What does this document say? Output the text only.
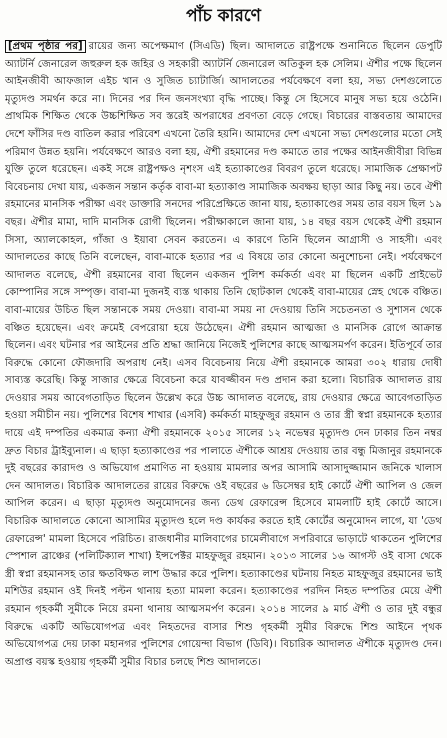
পাঁচ কারণে

[প্রথম পৃষ্ঠার পর] রায়ের জন্য অপেক্ষমাণ (সিএডি) ছিল। আদালতে রাষ্ট্রপক্ষে শুনানিতে ছিলেন ডেপুটি অ্যাটর্নি জেনারেল জহুরুল হক জহির ও সহকারী অ্যাটর্নি জেনারেল অতিকুল হক সেলিম। ঐশীর পক্ষে ছিলেন আইনজীবী আফজাল এইচ খান ও সুজিত চ্যাটার্জি। আদালতের পর্যবেক্ষণে বলা হয়, সভ্য দেশগুলোতে মৃত্যুদণ্ড সমর্থন করে না। দিনের পর দিন জনসংখ্যা বৃদ্ধি পাচ্ছে। কিন্তু সে হিসেবে মানুষ সভ্য হয়ে ওঠেনি। প্রাথমিক শিক্ষিত থেকে উচ্চশিক্ষিত সব স্তরেই অপরাধের প্রবণতা বেড়ে গেছে। বিচারের বাস্তবতায় আমাদের দেশে ফাঁসির দণ্ড বাতিল করার পরিবেশ এখনো তৈরি হয়নি। আমাদের দেশ এখনো সভ্য দেশগুলোর মতো সেই পরিমাণ উন্নত হয়নি। পর্যবেক্ষণে আরও বলা হয়, ঐশী রহমানের দণ্ড কমাতে তার পক্ষের আইনজীবীরা বিভিন্ন যুক্তি তুলে ধরেছেন। একই সঙ্গে রাষ্ট্রপক্ষও নৃশংস এই হত্যাকাণ্ডের বিবরণ তুলে ধরেছে। সামাজিক প্রেক্ষাপট বিবেচনায় দেখা যায়, একজন সন্তান কর্তৃক বাবা-মা হত্যাকাণ্ড সামাজিক অবক্ষয় ছাড়া আর কিছু নয়। তবে ঐশী রহমানের মানসিক পরীক্ষা এবং ডাক্তারি সনদের পরিপ্রেক্ষিতে জানা যায়, হত্যাকাণ্ডের সময় তার বয়স ছিল ১৯ বছর। ঐশীর মামা, দাদি মানসিক রোগী ছিলেন। পরীক্ষাকালে জানা যায়, ১৪ বছর বয়স থেকেই ঐশী রহমান সিসা, অ্যালকোহল, গাঁজা ও ইয়াবা সেবন করতেন। এ কারণে তিনি ছিলেন আগ্রাসী ও সাহসী। এবং আদালতের কাছে তিনি বলেছেন, বাবা-মাকে হত্যার পর এ বিষয়ে তার কোনো অনুশোচনা নেই। পর্যবেক্ষণে আদালত বলেছে, ঐশী রহমানের বাবা ছিলেন একজন পুলিশ কর্মকর্তা এবং মা ছিলেন একটি প্রাইভেট কোম্পানির সঙ্গে সম্পৃক্ত। বাবা-মা দুজনই ব্যস্ত থাকায় তিনি ছোটকাল থেকেই বাবা-মায়ের স্নেহ থেকে বঞ্চিত। বাবা-মায়ের উচিত ছিল সন্তানকে সময় দেওয়া। বাবা-মা সময় না দেওয়ায় তিনি সচেতনতা ও সুশাসন থেকে বঞ্চিত হয়েছেন। এবং ক্রমেই বেপরোয়া হয়ে উঠেছেন। ঐশী রহমান আত্মজা ও মানসিক রোগে আক্রান্ত ছিলেন। এবং ঘটনার পর আইনের প্রতি শ্রদ্ধা জানিয়ে নিজেই পুলিশের কাছে আত্মসমর্পণ করেন। ইতিপূর্বে তার বিরুদ্ধে কোনো ফৌজদারি অপরাধ নেই। এসব বিবেচনায় নিয়ে ঐশী রহমানকে আমরা ৩০২ ধারায় দোষী সাব্যস্ত করেছি। কিন্তু সাজার ক্ষেত্রে বিবেচনা করে যাবজ্জীবন দণ্ড প্রদান করা হলো। বিচারিক আদালত রায় দেওয়ার সময় আবেগতাড়িত ছিলেন উল্লেখ করে উচ্চ আদালত বলেছে, রায় দেওয়ার ক্ষেত্রে আবেগতাড়িত হওয়া সমীচীন নয়। পুলিশের বিশেষ শাখার (এসবি) কর্মকর্তা মাহফুজুর রহমান ও তার স্ত্রী স্বপ্না রহমানকে হত্যার দায়ে এই দম্পতির একমাত্র কন্যা ঐশী রহমানকে ২০১৫ সালের ১২ নভেম্বর মৃত্যুদণ্ড দেন ঢাকার তিন নম্বর দ্রুত বিচার ট্রাইব্যুনাল। এ ছাড়া হত্যাকাণ্ডের পর পালাতে ঐশীকে আশ্রয় দেওয়ায় তার বন্ধু মিজানুর রহমানকে দুই বছরের কারাদণ্ড ও অভিযোগ প্রমাণিত না হওয়ায় মামলার অপর আসামি আসাদুজ্জামান জনিকে খালাস দেন আদালত। বিচারিক আদালতের রায়ের বিরুদ্ধে ওই বছরের ৬ ডিসেম্বর হাই কোর্টে ঐশী আপিল ও জেল আপিল করেন। এ ছাড়া মৃত্যুদণ্ড অনুমোদনের জন্য ডেথ রেফারেন্স হিসেবে মামলাটি হাই কোর্টে আসে। বিচারিক আদালতে কোনো আসামির মৃত্যুদণ্ড হলে দণ্ড কার্যকর করতে হাই কোর্টের অনুমোদন লাগে, যা 'ডেথ রেফারেন্স' মামলা হিসেবে পরিচিত। রাজধানীর মালিবাগের চামেলীবাগে সপরিবারে ভাড়াটে থাকতেন পুলিশের স্পেশাল ব্রাঞ্চের (পলিটিক্যাল শাখা) ইন্সপেক্টর মাহফুজুর রহমান। ২০১৩ সালের ১৬ আগস্ট ওই বাসা থেকে স্ত্রী স্বপ্না রহমানসহ তার ক্ষতবিক্ষত লাশ উদ্ধার করে পুলিশ। হত্যাকাণ্ডের ঘটনায় নিহত মাহফুজুর রহমানের ভাই মশিউর রহমান ওই দিনই পল্টন থানায় হত্যা মামলা করেন। হত্যাকাণ্ডের পরদিন নিহত দম্পতির মেয়ে ঐশী রহমান গৃহকর্মী সুমীকে নিয়ে রমনা থানায় আত্মসমর্পণ করেন। ২০১৪ সালের ৯ মার্চ ঐশী ও তার দুই বন্ধুর বিরুদ্ধে একটি অভিযোগপত্র এবং নিহতদের বাসার শিশু গৃহকর্মী সুমীর বিরুদ্ধে শিশু আইনে পৃথক অভিযোগপত্র দেয় ঢাকা মহানগর পুলিশের গোয়েন্দা বিভাগ (ডিবি)। বিচারিক আদালত ঐশীকে মৃত্যুদণ্ড দেন। অপ্রাপ্ত বয়স্ক হওয়ায় গৃহকর্মী সুমীর বিচার চলছে শিশু আদালতে।
